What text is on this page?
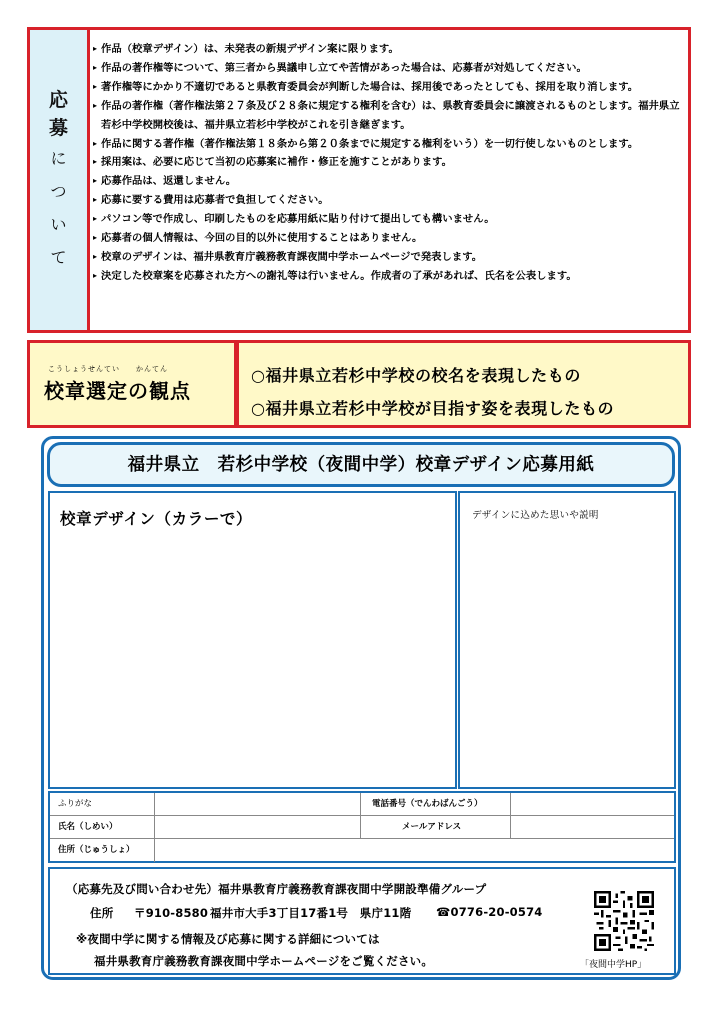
応
募
に
つ
い
て
▸ 作品（校章デザイン）は、未発表の新規デザイン案に限ります。
▸ 作品の著作権等について、第三者から異議申し立てや苦情があった場合は、応募者が対処してください。
▸ 著作権等にかかり不適切であると県教育委員会が判断した場合は、採用後であったとしても、採用を取り消します。
▸ 作品の著作権（著作権法第２７条及び２８条に規定する権利を含む）は、県教育委員会に譲渡されるものとします。福井県立若杉中学校開校後は、福井県立若杉中学校がこれを引き継ぎます。
▸ 作品に関する著作権（著作権法第１８条から第２０条までに規定する権利をいう）を一切行使しないものとします。
▸ 採用案は、必要に応じて当初の応募案に補作・修正を施すことがあります。
▸ 応募作品は、返還しません。
▸ 応募に要する費用は応募者で負担してください。
▸ パソコン等で作成し、印刷したものを応募用紙に貼り付けて提出しても構いません。
▸ 応募者の個人情報は、今回の目的以外に使用することはありません。
▸ 校章のデザインは、福井県教育庁義務教育課夜間中学ホームページで発表します。
▸ 決定した校章案を応募された方への謝礼等は行いません。作成者の了承があれば、氏名を公表します。
こうしょうせんてい　　かんてん
校章選定の観点
○福井県立若杉中学校の校名を表現したもの
○福井県立若杉中学校が目指す姿を表現したもの
福井県立　若杉中学校（夜間中学）校章デザイン応募用紙
校章デザイン（カラーで）	デザインに込めた思いや説明
ふりがな	電話番号（でんわばんごう）
氏名（しめい）	メールアドレス
住所（じゅうしょ）
（応募先及び問い合わせ先）福井県教育庁義務教育課夜間中学開設準備グループ
住所 〒910-8580 福井市大手3丁目17番1号　県庁11階 ☎0776-20-0574
※夜間中学に関する情報及び応募に関する詳細については
福井県教育庁義務教育課夜間中学ホームページをご覧ください。	「夜間中学HP」
